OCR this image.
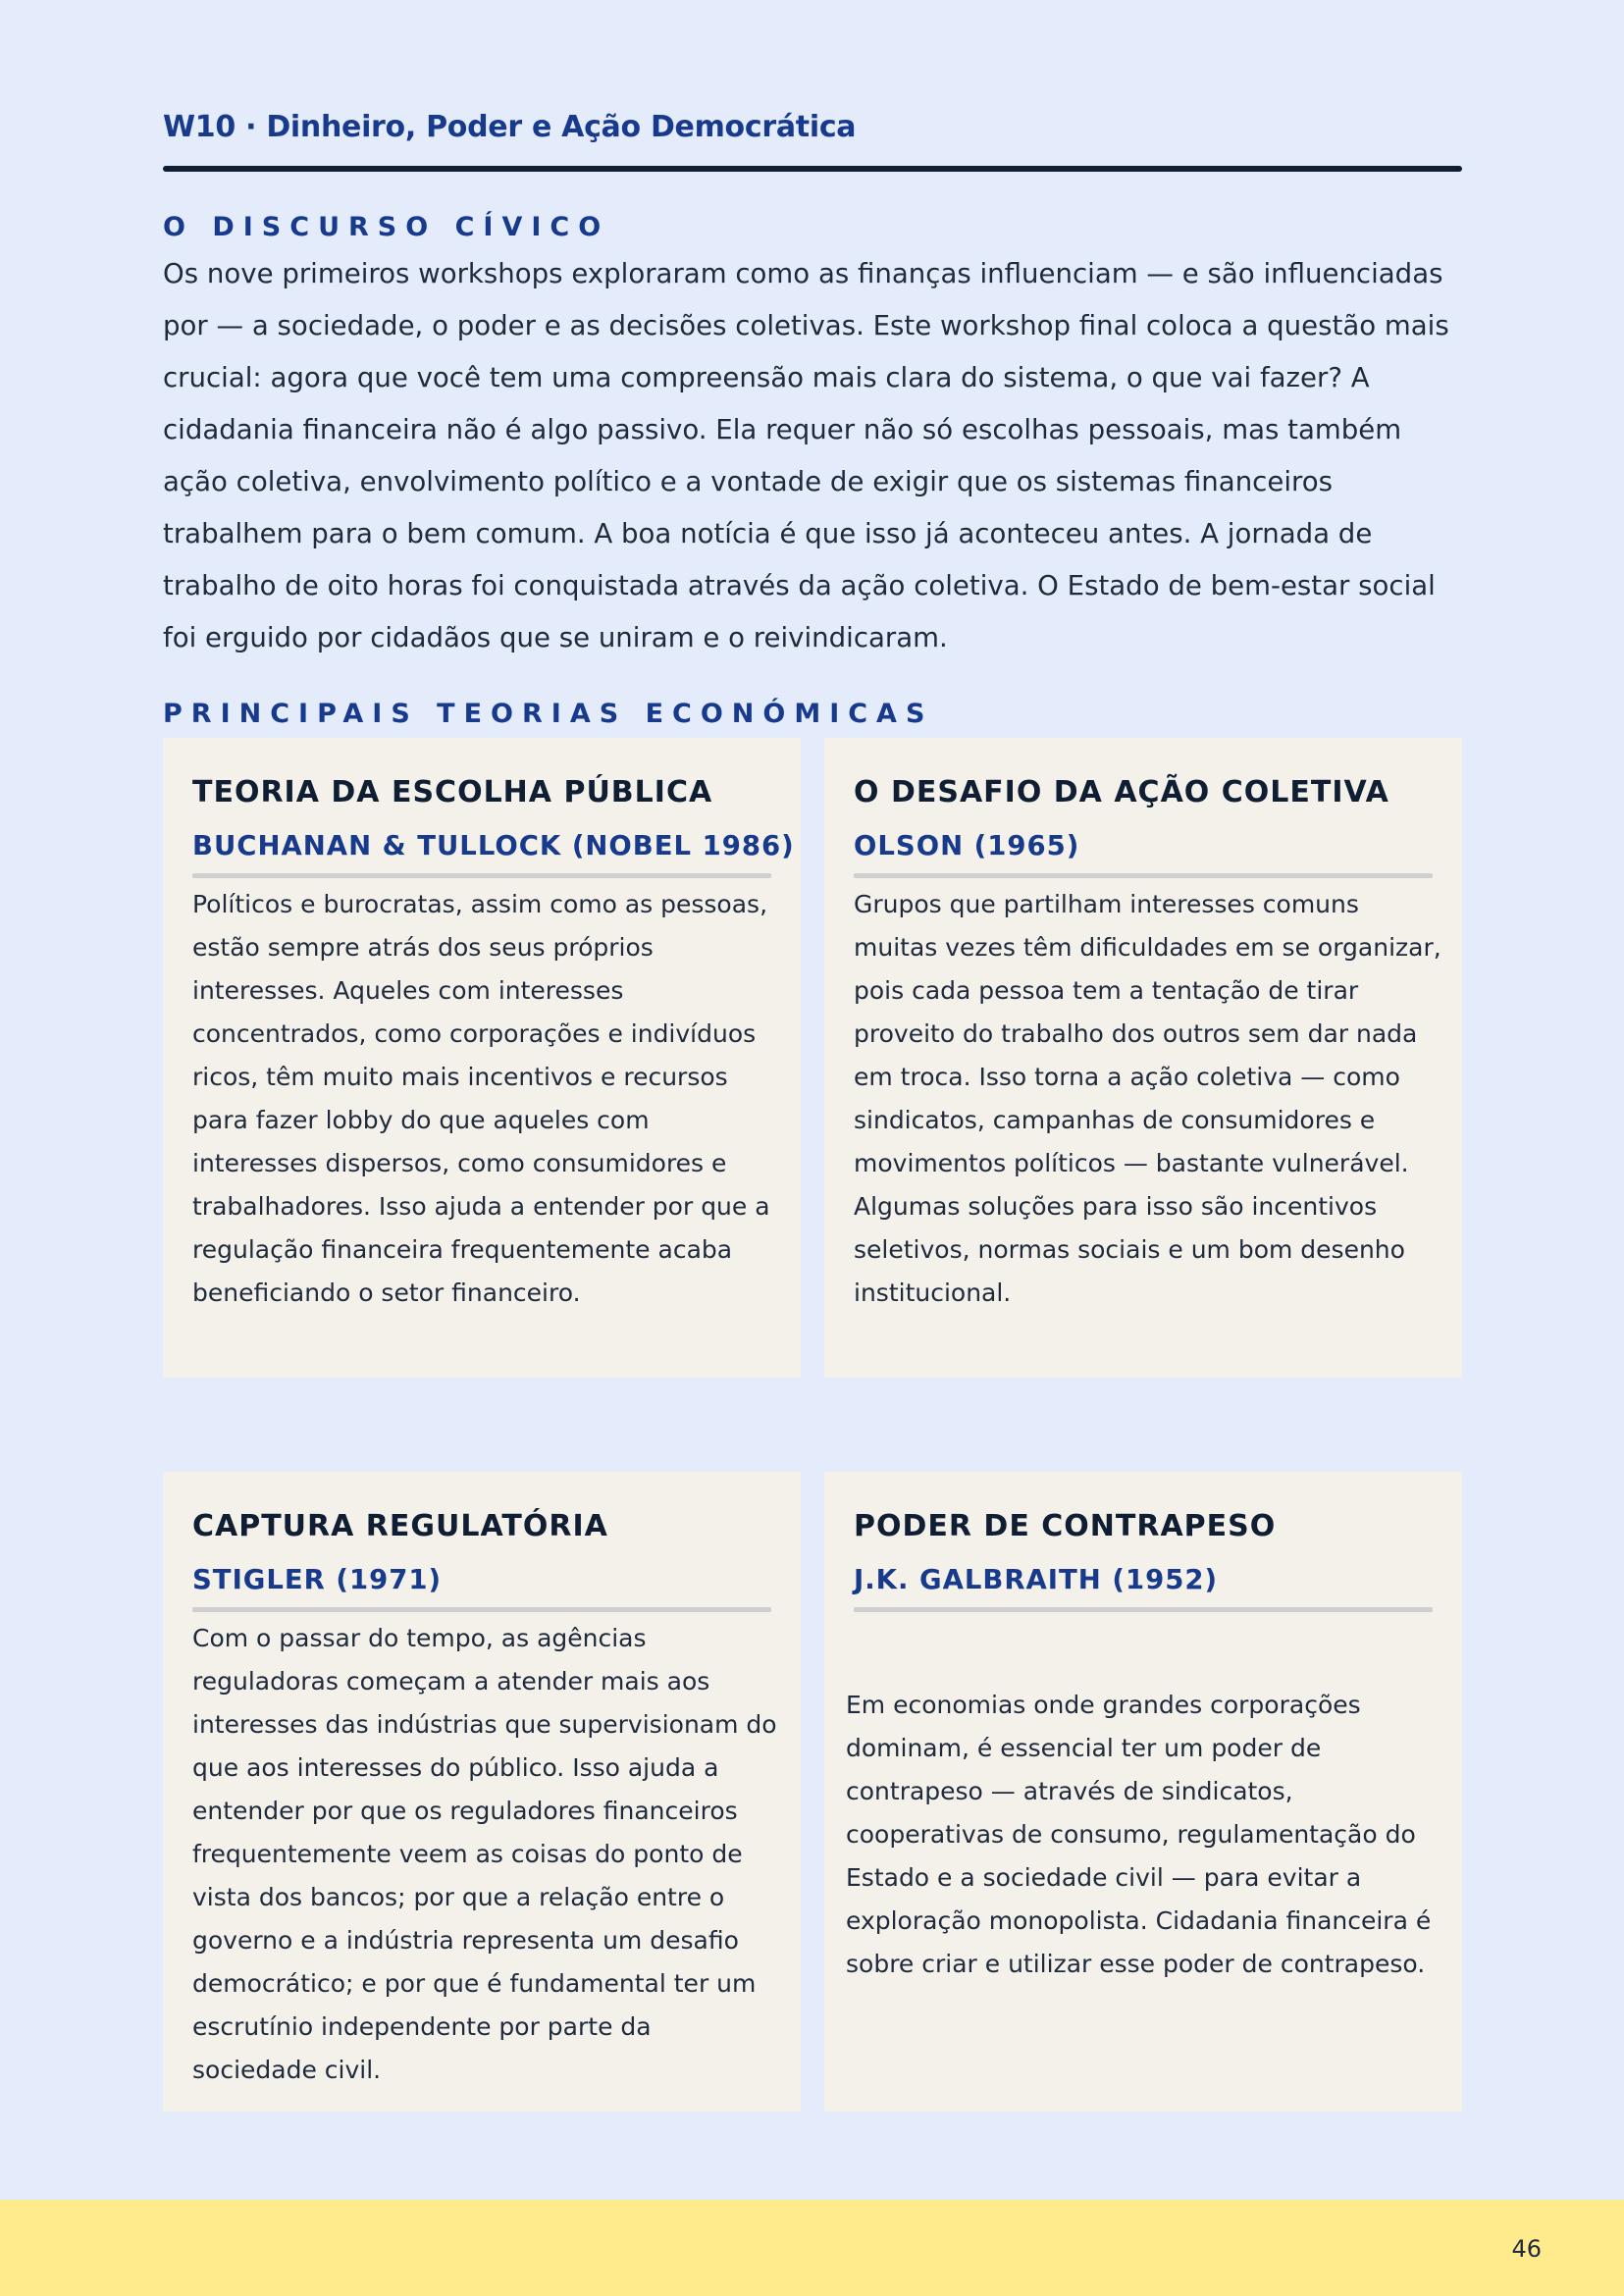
W10 · Dinheiro, Poder e Ação Democrática
O DISCURSO CÍVICO

Os nove primeiros workshops exploraram como as finanças influenciam — e são influenciadas por — a sociedade, o poder e as decisões coletivas. Este workshop final coloca a questão mais crucial: agora que você tem uma compreensão mais clara do sistema, o que vai fazer? A cidadania financeira não é algo passivo. Ela requer não só escolhas pessoais, mas também ação coletiva, envolvimento político e a vontade de exigir que os sistemas financeiros trabalhem para o bem comum. A boa notícia é que isso já aconteceu antes. A jornada de trabalho de oito horas foi conquistada através da ação coletiva. O Estado de bem-estar social foi erguido por cidadãos que se uniram e o reivindicaram.

PRINCIPAIS TEORIAS ECONÓMICAS
TEORIA DA ESCOLHA PÚBLICA
BUCHANAN & TULLOCK (NOBEL 1986)

Políticos e burocratas, assim como as pessoas, estão sempre atrás dos seus próprios interesses. Aqueles com interesses concentrados, como corporações e indivíduos ricos, têm muito mais incentivos e recursos para fazer lobby do que aqueles com interesses dispersos, como consumidores e trabalhadores. Isso ajuda a entender por que a regulação financeira frequentemente acaba beneficiando o setor financeiro.

O DESAFIO DA AÇÃO COLETIVA
OLSON (1965)

Grupos que partilham interesses comuns muitas vezes têm dificuldades em se organizar, pois cada pessoa tem a tentação de tirar proveito do trabalho dos outros sem dar nada em troca. Isso torna a ação coletiva — como sindicatos, campanhas de consumidores e movimentos políticos — bastante vulnerável. Algumas soluções para isso são incentivos seletivos, normas sociais e um bom desenho institucional.

CAPTURA REGULATÓRIA
STIGLER (1971)

Com o passar do tempo, as agências reguladoras começam a atender mais aos interesses das indústrias que supervisionam do que aos interesses do público. Isso ajuda a entender por que os reguladores financeiros frequentemente veem as coisas do ponto de vista dos bancos; por que a relação entre o governo e a indústria representa um desafio democrático; e por que é fundamental ter um escrutínio independente por parte da sociedade civil.

PODER DE CONTRAPESO
J.K. GALBRAITH (1952)

Em economias onde grandes corporações dominam, é essencial ter um poder de contrapeso — através de sindicatos, cooperativas de consumo, regulamentação do Estado e a sociedade civil — para evitar a exploração monopolista. Cidadania financeira é sobre criar e utilizar esse poder de contrapeso.

46
